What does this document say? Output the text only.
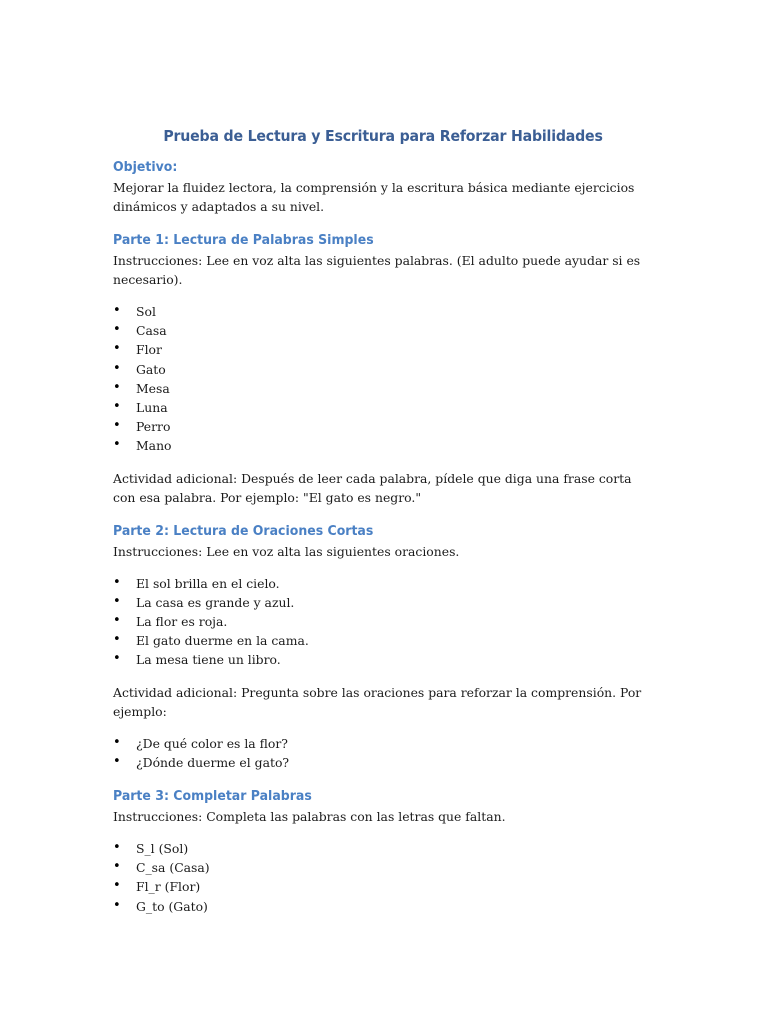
Prueba de Lectura y Escritura para Reforzar Habilidades
Objetivo:

Mejorar la fluidez lectora, la comprensión y la escritura básica mediante ejercicios dinámicos y adaptados a su nivel.

Parte 1: Lectura de Palabras Simples

Instrucciones: Lee en voz alta las siguientes palabras. (El adulto puede ayudar si es necesario).

• Sol
• Casa
• Flor
• Gato
• Mesa
• Luna
• Perro
• Mano

Actividad adicional: Después de leer cada palabra, pídele que diga una frase corta con esa palabra. Por ejemplo: "El gato es negro."

Parte 2: Lectura de Oraciones Cortas

Instrucciones: Lee en voz alta las siguientes oraciones.

• El sol brilla en el cielo.
• La casa es grande y azul.
• La flor es roja.
• El gato duerme en la cama.
• La mesa tiene un libro.

Actividad adicional: Pregunta sobre las oraciones para reforzar la comprensión. Por ejemplo:

• ¿De qué color es la flor?
• ¿Dónde duerme el gato?
Parte 3: Completar Palabras

Instrucciones: Completa las palabras con las letras que faltan.

• S_l (Sol)
• C_sa (Casa)
• Fl_r (Flor)
• G_to (Gato)
